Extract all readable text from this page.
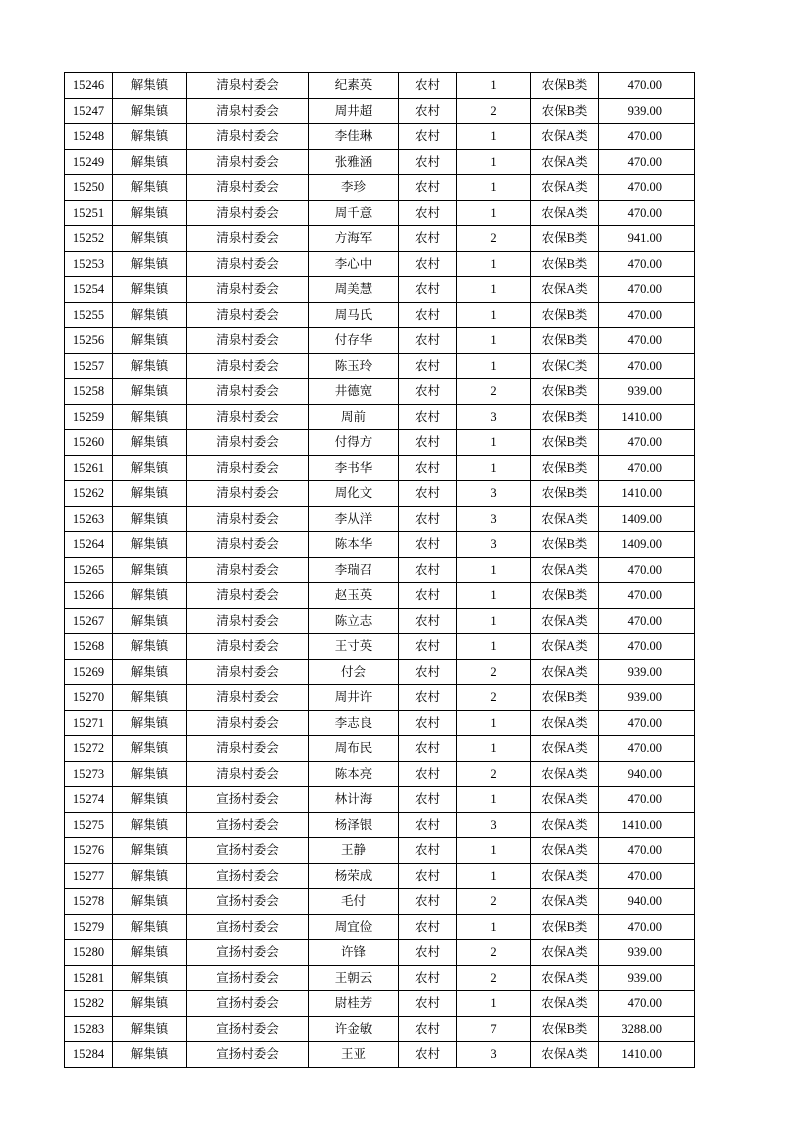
15246	解集镇	清泉村委会	纪素英	农村	1	农保B类	470.00
15247	解集镇	清泉村委会	周井超	农村	2	农保B类	939.00
15248	解集镇	清泉村委会	李佳琳	农村	1	农保A类	470.00
15249	解集镇	清泉村委会	张雅涵	农村	1	农保A类	470.00
15250	解集镇	清泉村委会	李珍	农村	1	农保A类	470.00
15251	解集镇	清泉村委会	周千意	农村	1	农保A类	470.00
15252	解集镇	清泉村委会	方海军	农村	2	农保B类	941.00
15253	解集镇	清泉村委会	李心中	农村	1	农保B类	470.00
15254	解集镇	清泉村委会	周美慧	农村	1	农保A类	470.00
15255	解集镇	清泉村委会	周马氏	农村	1	农保B类	470.00
15256	解集镇	清泉村委会	付存华	农村	1	农保B类	470.00
15257	解集镇	清泉村委会	陈玉玲	农村	1	农保C类	470.00
15258	解集镇	清泉村委会	井德宽	农村	2	农保B类	939.00
15259	解集镇	清泉村委会	周前	农村	3	农保B类	1410.00
15260	解集镇	清泉村委会	付得方	农村	1	农保B类	470.00
15261	解集镇	清泉村委会	李书华	农村	1	农保B类	470.00
15262	解集镇	清泉村委会	周化文	农村	3	农保B类	1410.00
15263	解集镇	清泉村委会	李从洋	农村	3	农保A类	1409.00
15264	解集镇	清泉村委会	陈本华	农村	3	农保B类	1409.00
15265	解集镇	清泉村委会	李瑞召	农村	1	农保A类	470.00
15266	解集镇	清泉村委会	赵玉英	农村	1	农保B类	470.00
15267	解集镇	清泉村委会	陈立志	农村	1	农保A类	470.00
15268	解集镇	清泉村委会	王寸英	农村	1	农保A类	470.00
15269	解集镇	清泉村委会	付会	农村	2	农保A类	939.00
15270	解集镇	清泉村委会	周井许	农村	2	农保B类	939.00
15271	解集镇	清泉村委会	李志良	农村	1	农保A类	470.00
15272	解集镇	清泉村委会	周布民	农村	1	农保A类	470.00
15273	解集镇	清泉村委会	陈本亮	农村	2	农保A类	940.00
15274	解集镇	宣扬村委会	林计海	农村	1	农保A类	470.00
15275	解集镇	宣扬村委会	杨泽银	农村	3	农保A类	1410.00
15276	解集镇	宣扬村委会	王静	农村	1	农保A类	470.00
15277	解集镇	宣扬村委会	杨荣成	农村	1	农保A类	470.00
15278	解集镇	宣扬村委会	毛付	农村	2	农保A类	940.00
15279	解集镇	宣扬村委会	周宜俭	农村	1	农保B类	470.00
15280	解集镇	宣扬村委会	许锋	农村	2	农保A类	939.00
15281	解集镇	宣扬村委会	王朝云	农村	2	农保A类	939.00
15282	解集镇	宣扬村委会	尉桂芳	农村	1	农保A类	470.00
15283	解集镇	宣扬村委会	许金敏	农村	7	农保B类	3288.00
15284	解集镇	宣扬村委会	王亚	农村	3	农保A类	1410.00
